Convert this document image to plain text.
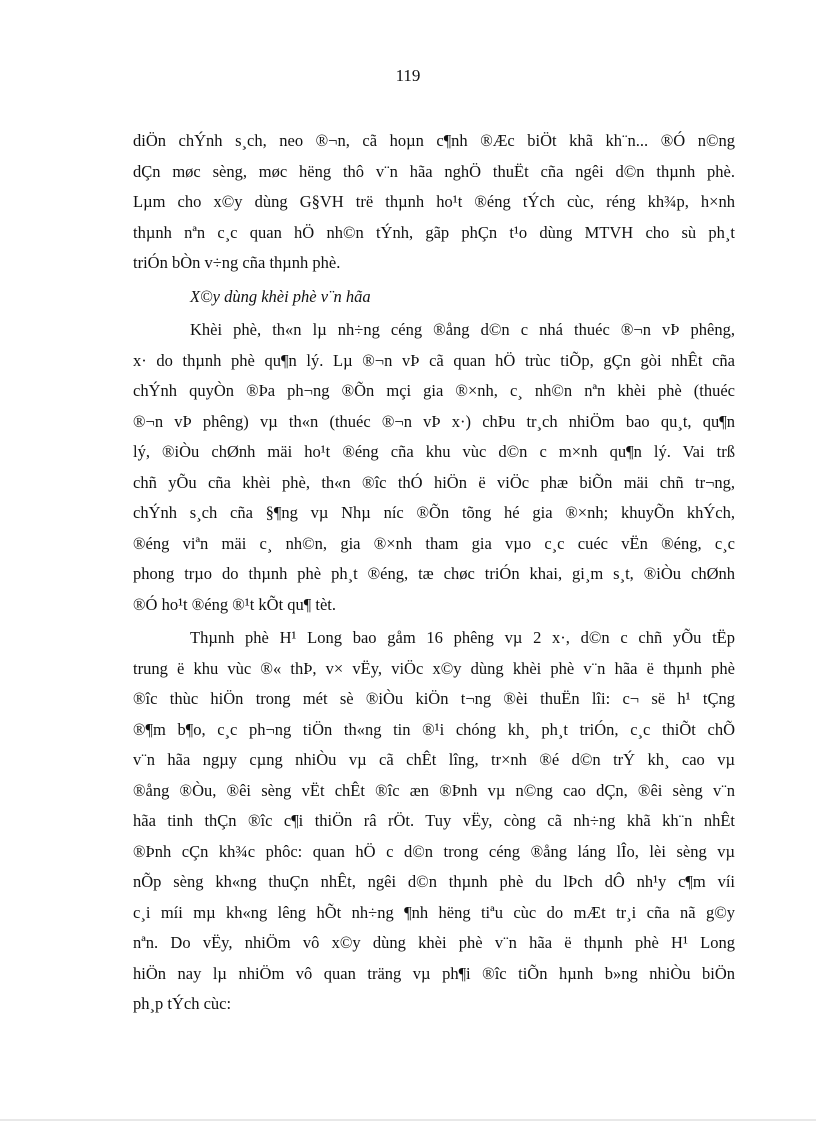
119
diÖn chÝnh s¸ch, neo ®¬n, cã hoµn c¶nh ®Æc biÖt khã kh¨n... ®Ó n©ng
dÇn møc sèng, møc hëng thô v¨n hãa nghÖ thuËt cña ngêi d©n thµnh phè.
Lµm cho x©y dùng G§VH trë thµnh ho¹t ®éng tÝch cùc, réng kh¾p, h×nh
thµnh nªn c¸c quan hÖ nh©n tÝnh, gãp phÇn t¹o dùng MTVH cho sù ph¸t
triÓn bÒn v÷ng cña thµnh phè.
X©y dùng khèi phè v¨n hãa
Khèi phè, th«n lµ nh÷ng céng ®ång d©n c nhá thuéc ®¬n vÞ phêng,
x· do thµnh phè qu¶n lý. Lµ ®¬n vÞ cã quan hÖ trùc tiÕp, gÇn gòi nhÊt cña
chÝnh quyÒn ®Þa ph¬ng ®Õn mçi gia ®×nh, c¸ nh©n nªn khèi phè (thuéc
®¬n vÞ phêng) vµ th«n (thuéc ®¬n vÞ x·) chÞu tr¸ch nhiÖm bao qu¸t, qu¶n
lý, ®iÒu chØnh mäi ho¹t ®éng cña khu vùc d©n c m×nh qu¶n lý. Vai trß
chñ yÕu cña khèi phè, th«n ®îc thÓ hiÖn ë viÖc phæ biÕn mäi chñ tr¬ng,
chÝnh s¸ch cña §¶ng vµ Nhµ níc ®Õn tõng hé gia ®×nh; khuyÕn khÝch,
®éng viªn mäi c¸ nh©n, gia ®×nh tham gia vµo c¸c cuéc vËn ®éng, c¸c
phong trµo do thµnh phè ph¸t ®éng, tæ chøc triÓn khai, gi¸m s¸t, ®iÒu chØnh
®Ó ho¹t ®éng ®¹t kÕt qu¶ tèt.
Thµnh phè H¹ Long bao gåm 16 phêng vµ 2 x·, d©n c chñ yÕu tËp
trung ë khu vùc ®« thÞ, v× vËy, viÖc x©y dùng khèi phè v¨n hãa ë thµnh phè
®îc thùc hiÖn trong mét sè ®iÒu kiÖn t¬ng ®èi thuËn lîi: c¬ së h¹ tÇng
®¶m b¶o, c¸c ph¬ng tiÖn th«ng tin ®¹i chóng kh¸ ph¸t triÓn, c¸c thiÕt chÕ
v¨n hãa ngµy cµng nhiÒu vµ cã chÊt lîng, tr×nh ®é d©n trÝ kh¸ cao vµ
®ång ®Òu, ®êi sèng vËt chÊt ®îc æn ®Þnh vµ n©ng cao dÇn, ®êi sèng v¨n
hãa tinh thÇn ®îc c¶i thiÖn râ rÖt. Tuy vËy, còng cã nh÷ng khã kh¨n nhÊt
®Þnh cÇn kh¾c phôc: quan hÖ c d©n trong céng ®ång láng lÎo, lèi sèng vµ
nÕp sèng kh«ng thuÇn nhÊt, ngêi d©n thµnh phè du lÞch dÔ nh¹y c¶m víi
c¸i míi mµ kh«ng lêng hÕt nh÷ng ¶nh hëng tiªu cùc do mÆt tr¸i cña nã g©y
nªn. Do vËy, nhiÖm vô x©y dùng khèi phè v¨n hãa ë thµnh phè H¹ Long
hiÖn nay lµ nhiÖm vô quan träng vµ ph¶i ®îc tiÕn hµnh b»ng nhiÒu biÖn
ph¸p tÝch cùc:
